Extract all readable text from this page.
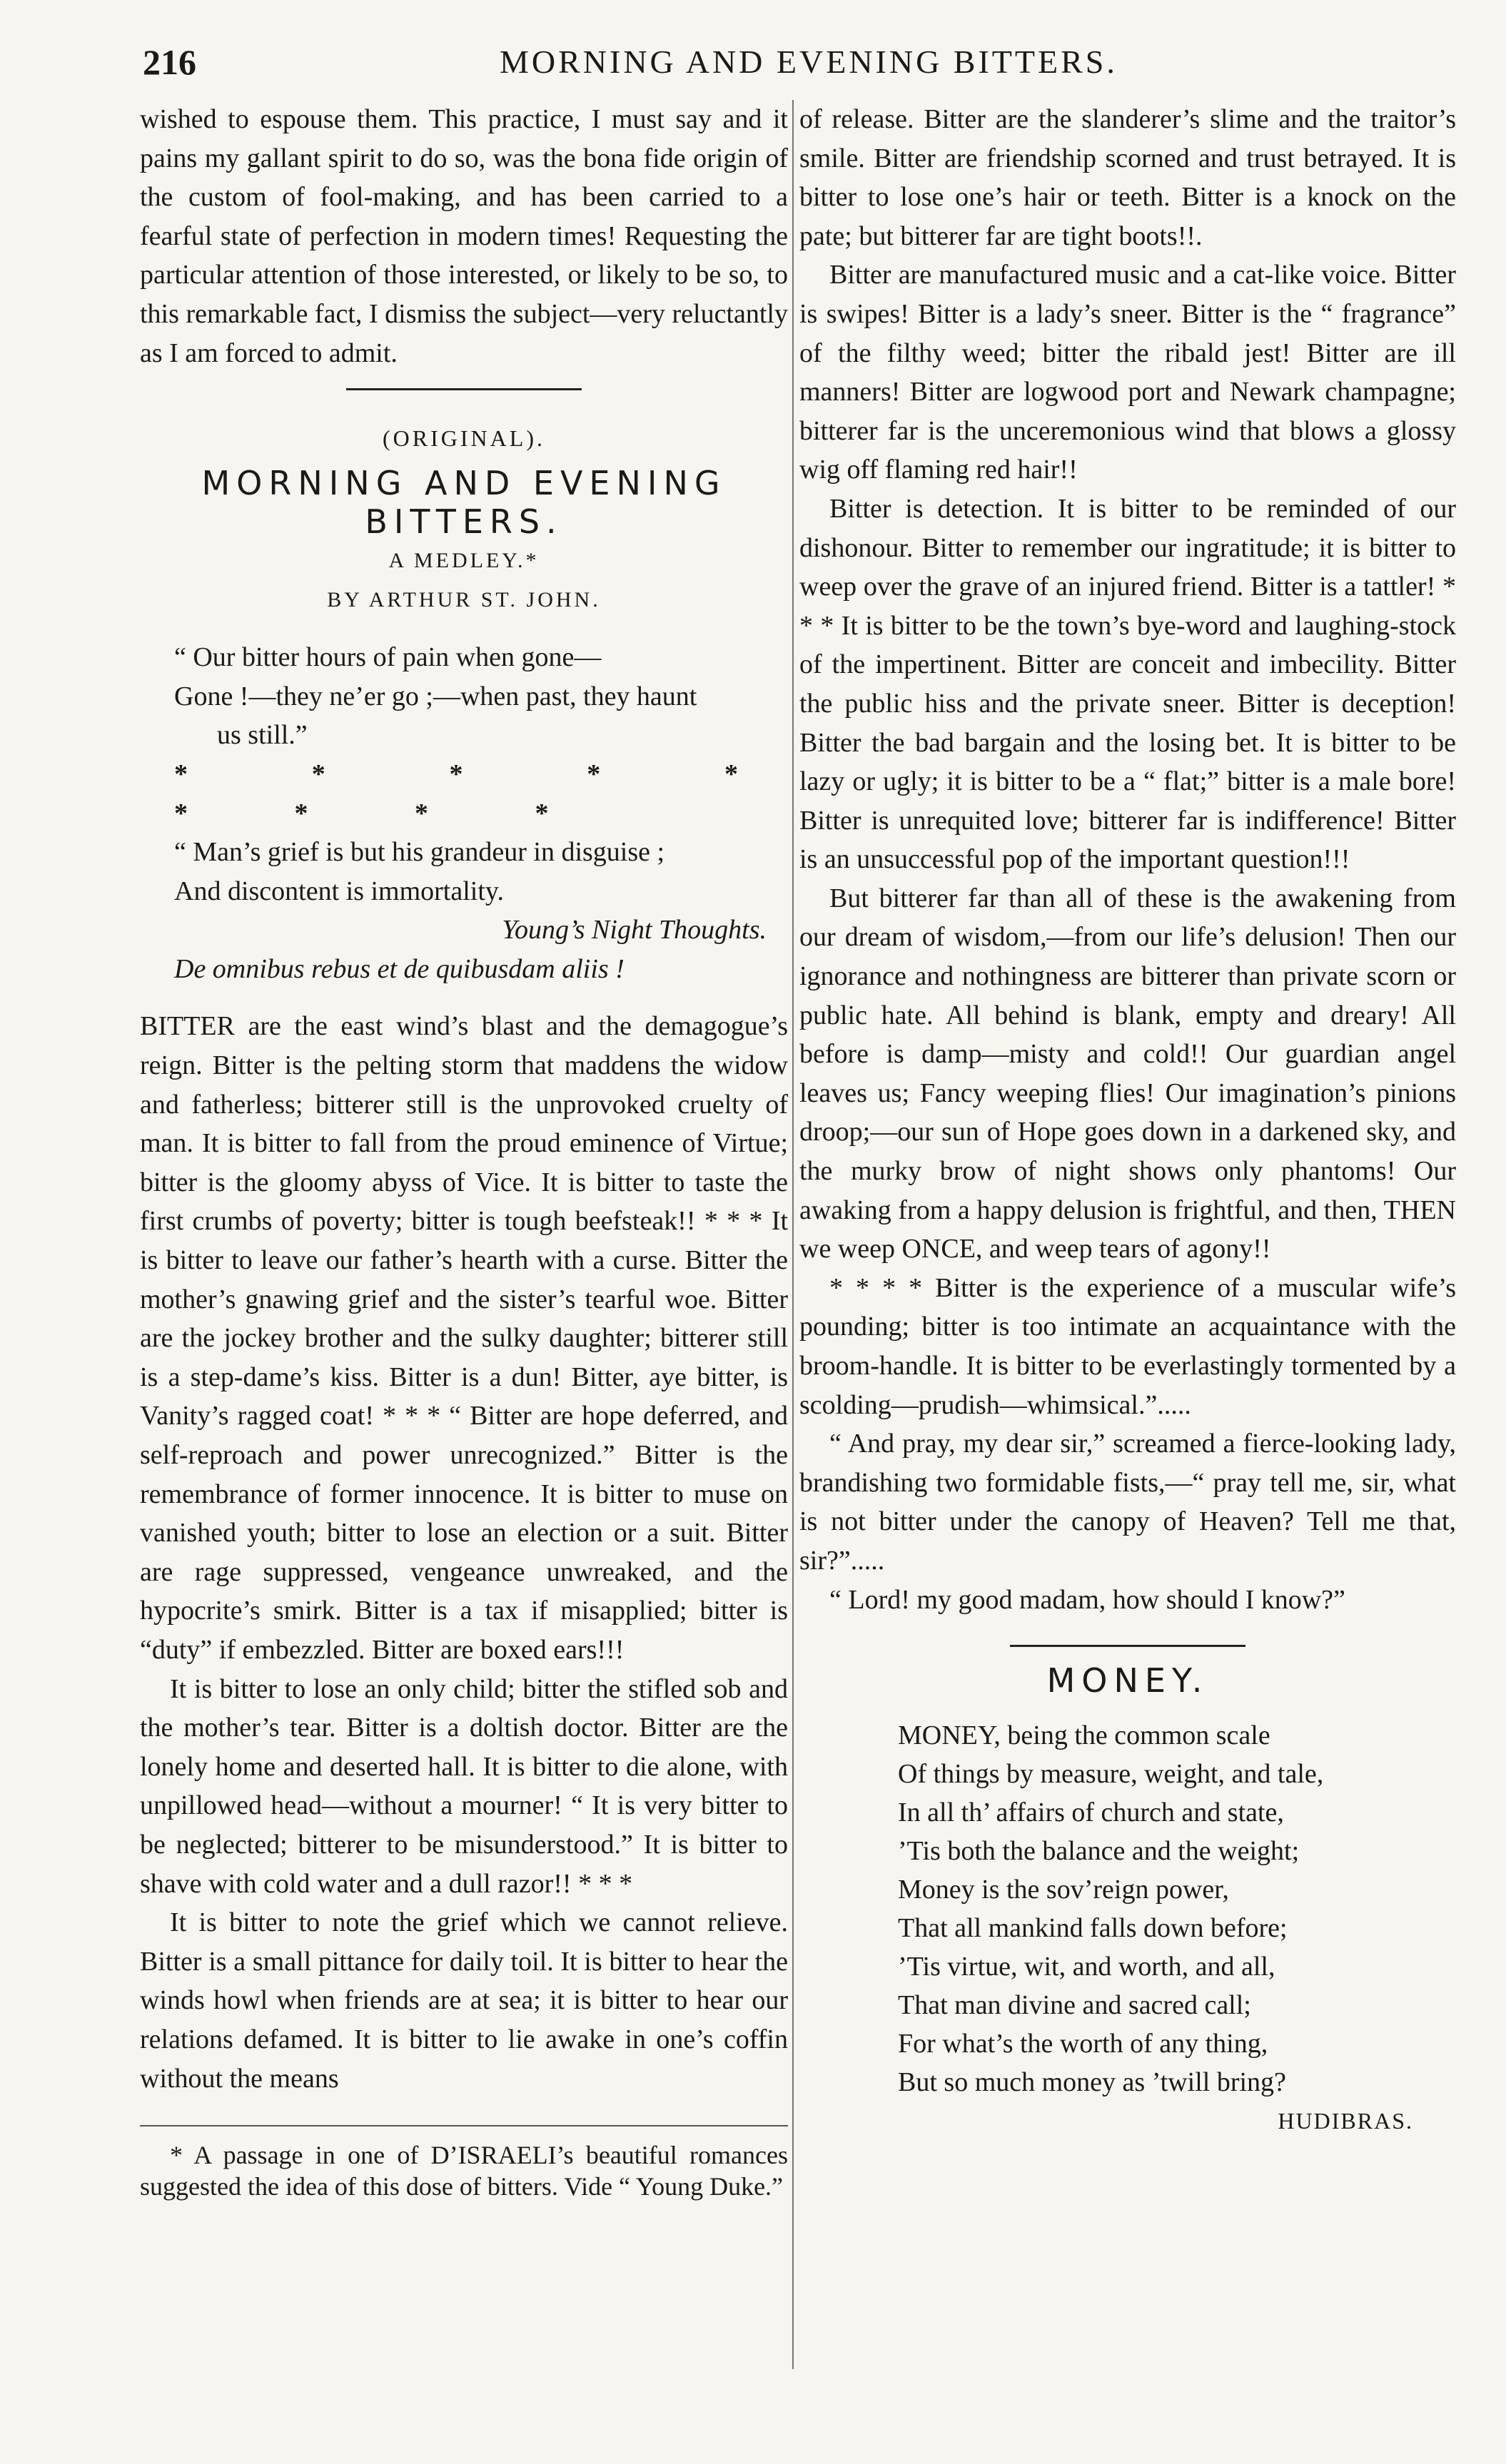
216	MORNING AND EVENING BITTERS.

wished to espouse them. This practice, I must say and it pains my gallant spirit to do so, was the bona fide origin of the custom of fool-making, and has been carried to a fearful state of perfection in modern times! Requesting the particular attention of those interested, or likely to be so, to this remarkable fact, I dismiss the subject—very reluctantly as I am forced to admit.

(ORIGINAL).
MORNING AND EVENING BITTERS.
A MEDLEY.*
BY ARTHUR ST. JOHN.
“ Our bitter hours of pain when gone—
Gone !—they ne’er go ;—when past, they haunt
us still.”
* * * * * * * * *
“ Man’s grief is but his grandeur in disguise ;
And discontent is immortality.
Young’s Night Thoughts.
De omnibus rebus et de quibusdam aliis !

BITTER are the east wind’s blast and the demagogue’s reign. Bitter is the pelting storm that maddens the widow and fatherless; bitterer still is the unprovoked cruelty of man. It is bitter to fall from the proud eminence of Virtue; bitter is the gloomy abyss of Vice. It is bitter to taste the first crumbs of poverty; bitter is tough beefsteak!! * * * It is bitter to leave our father’s hearth with a curse. Bitter the mother’s gnawing grief and the sister’s tearful woe. Bitter are the jockey brother and the sulky daughter; bitterer still is a step-dame’s kiss. Bitter is a dun! Bitter, aye bitter, is Vanity’s ragged coat! * * * “ Bitter are hope deferred, and self-reproach and power unrecognized.” Bitter is the remembrance of former innocence. It is bitter to muse on vanished youth; bitter to lose an election or a suit. Bitter are rage suppressed, vengeance unwreaked, and the hypocrite’s smirk. Bitter is a tax if misapplied; bitter is “duty” if embezzled. Bitter are boxed ears!!!

It is bitter to lose an only child; bitter the stifled sob and the mother’s tear. Bitter is a doltish doctor. Bitter are the lonely home and deserted hall. It is bitter to die alone, with unpillowed head—without a mourner! “ It is very bitter to be neglected; bitterer to be misunderstood.” It is bitter to shave with cold water and a dull razor!! * * *

It is bitter to note the grief which we cannot relieve. Bitter is a small pittance for daily toil. It is bitter to hear the winds howl when friends are at sea; it is bitter to hear our relations defamed. It is bitter to lie awake in one’s coffin without the means

* A passage in one of D’ISRAELI’s beautiful romances suggested the idea of this dose of bitters. Vide “ Young Duke.”

of release. Bitter are the slanderer’s slime and the traitor’s smile. Bitter are friendship scorned and trust betrayed. It is bitter to lose one’s hair or teeth. Bitter is a knock on the pate; but bitterer far are tight boots!!.

Bitter are manufactured music and a cat-like voice. Bitter is swipes! Bitter is a lady’s sneer. Bitter is the “ fragrance” of the filthy weed; bitter the ribald jest! Bitter are ill manners! Bitter are logwood port and Newark champagne; bitterer far is the unceremonious wind that blows a glossy wig off flaming red hair!!

Bitter is detection. It is bitter to be reminded of our dishonour. Bitter to remember our ingratitude; it is bitter to weep over the grave of an injured friend. Bitter is a tattler! * * * It is bitter to be the town’s bye-word and laughing-stock of the impertinent. Bitter are conceit and imbecility. Bitter the public hiss and the private sneer. Bitter is deception! Bitter the bad bargain and the losing bet. It is bitter to be lazy or ugly; it is bitter to be a “ flat;” bitter is a male bore! Bitter is unrequited love; bitterer far is indifference! Bitter is an unsuccessful pop of the important question!!!

But bitterer far than all of these is the awakening from our dream of wisdom,—from our life’s delusion! Then our ignorance and nothingness are bitterer than private scorn or public hate. All behind is blank, empty and dreary! All before is damp—misty and cold!! Our guardian angel leaves us; Fancy weeping flies! Our imagination’s pinions droop;—our sun of Hope goes down in a darkened sky, and the murky brow of night shows only phantoms! Our awaking from a happy delusion is frightful, and then, THEN we weep ONCE, and weep tears of agony!!

* * * * Bitter is the experience of a muscular wife’s pounding; bitter is too intimate an acquaintance with the broom-handle. It is bitter to be everlastingly tormented by a scolding—prudish—whimsical.”.....

“ And pray, my dear sir,” screamed a fierce-looking lady, brandishing two formidable fists,—“ pray tell me, sir, what is not bitter under the canopy of Heaven? Tell me that, sir?”.....

“ Lord! my good madam, how should I know?”

MONEY.
MONEY, being the common scale
Of things by measure, weight, and tale,
In all th’ affairs of church and state,
’Tis both the balance and the weight;
Money is the sov’reign power,
That all mankind falls down before;
’Tis virtue, wit, and worth, and all,
That man divine and sacred call;
For what’s the worth of any thing,
But so much money as ’twill bring?
HUDIBRAS.
